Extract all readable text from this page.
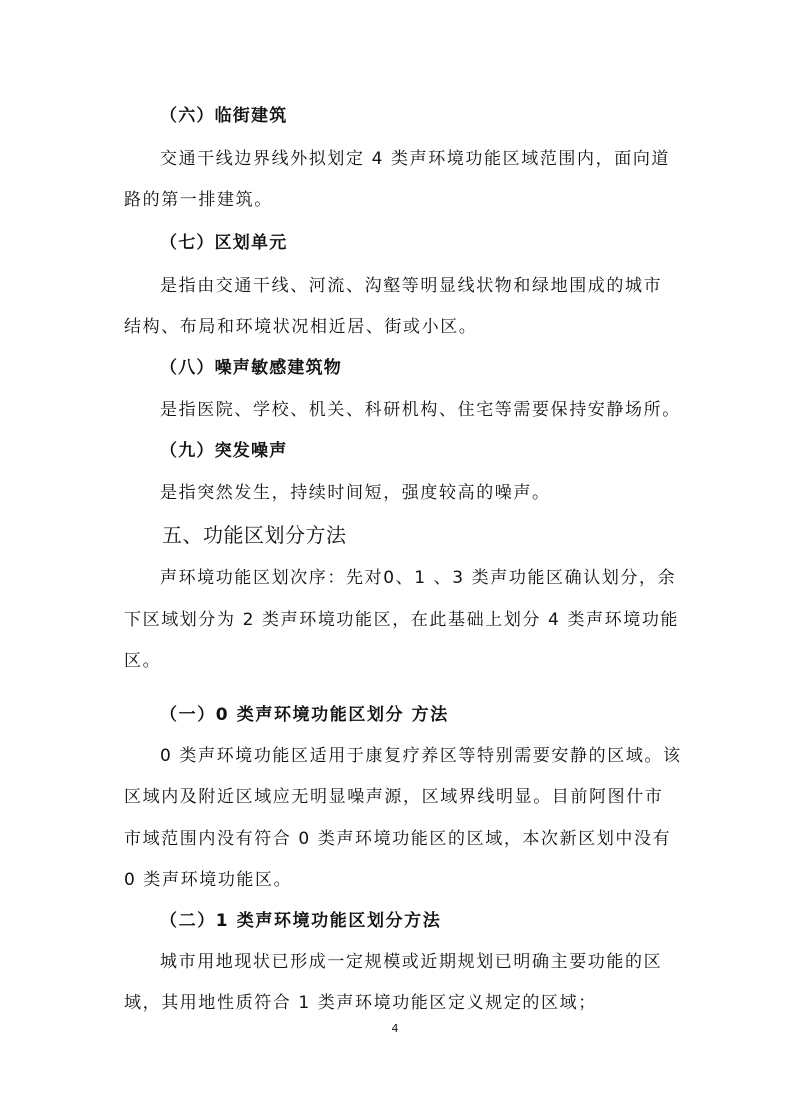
（六）临街建筑
交通干线边界线外拟划定 4 类声环境功能区域范围内，面向道
路的第一排建筑。
（七）区划单元
是指由交通干线、河流、沟壑等明显线状物和绿地围成的城市
结构、布局和环境状况相近居、街或小区。
（八）噪声敏感建筑物
是指医院、学校、机关、科研机构、住宅等需要保持安静场所。
（九）突发噪声
是指突然发生，持续时间短，强度较高的噪声。
五、功能区划分方法
声环境功能区划次序：先对0、1 、3 类声功能区确认划分，余
下区域划分为 2 类声环境功能区，在此基础上划分 4 类声环境功能
区。
（一）0 类声环境功能区划分 方法
0 类声环境功能区适用于康复疗养区等特别需要安静的区域。该
区域内及附近区域应无明显噪声源，区域界线明显。目前阿图什市
市域范围内没有符合 0 类声环境功能区的区域，本次新区划中没有
0 类声环境功能区。
（二）1 类声环境功能区划分方法
城市用地现状已形成一定规模或近期规划已明确主要功能的区
域，其用地性质符合 1 类声环境功能区定义规定的区域；
4
